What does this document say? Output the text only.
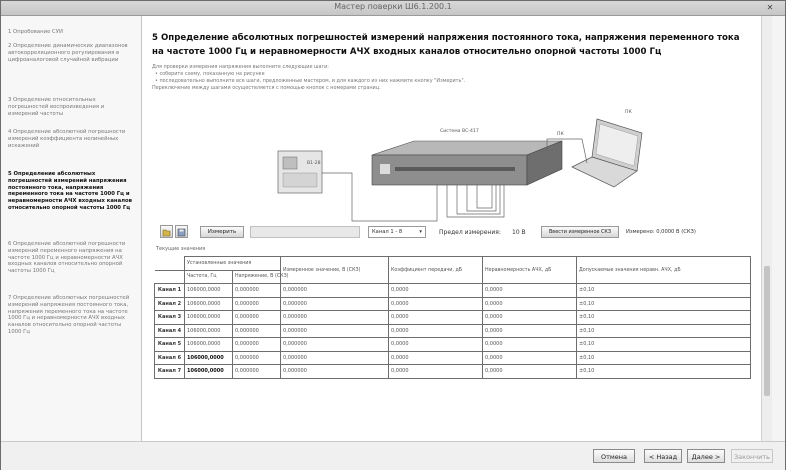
Мастер поверки Ш6.1.200.1	✕
1 Опробование СУИ
2 Определение динамических диапазонов автокорреляционного регулирования в цифроаналоговой случайной вибрации
3 Определение относительных погрешностей воспроизведения и измерений частоты
4 Определение абсолютной погрешности измерений коэффициента нелинейных искажений
5 Определение абсолютных погрешностей измерений напряжения постоянного тока, напряжения переменного тока на частоте 1000 Гц и неравномерности АЧХ входных каналов относительно опорной частоты 1000 Гц
6 Определение абсолютной погрешности измерений переменного напряжения на частоте 1000 Гц и неравномерности АЧХ входных каналов относительно опорной частоты 1000 Гц
7 Определение абсолютных погрешностей измерений напряжения постоянного тока, напряжения переменного тока на частоте 1000 Гц и неравномерности АЧХ входных каналов относительно опорной частоты 1000 Гц
5 Определение абсолютных погрешностей измерений напряжения постоянного тока, напряжения переменного тока на частоте 1000 Гц и неравномерности АЧХ входных каналов относительно опорной частоты 1000 Гц
Для проверки измерения напряжения выполните следующие шаги:
• соберите схему, показанную на рисунке
• последовательно выполните все шаги, предложенные мастером, и для каждого из них нажмите кнопку "Измерить".
Переключение между шагами осуществляется с помощью кнопок с номерами страниц.
В1-28
Система ВС-417
ПК
ПК
Измерить	Канал 1 - 8	▾	Предел измерения: 10 В	Ввести измеренное СКЗ	Измерено: 0,0000 В (СКЗ)
Текущие значения
	Установленные значения		Измеренное значение, В (СКЗ)	Коэффициент передачи, дБ	Неравномерность АЧХ, дБ	Допускаемые значения неравн. АЧХ, дБ
	Частота, Гц	Напряжение, В (СКЗ)				
Канал 1	106000,0000	0,000000	0,000000	0,0000	0,0000	±0,10
Канал 2	106000,0000	0,000000	0,000000	0,0000	0,0000	±0,10
Канал 3	106000,0000	0,000000	0,000000	0,0000	0,0000	±0,10
Канал 4	106000,0000	0,000000	0,000000	0,0000	0,0000	±0,10
Канал 5	106000,0000	0,000000	0,000000	0,0000	0,0000	±0,10
Канал 6	106000,0000	0,000000	0,000000	0,0000	0,0000	±0,10
Канал 7	106000,0000	0,000000	0,000000	0,0000	0,0000	±0,10
Отмена	< Назад	Далее >	Закончить
